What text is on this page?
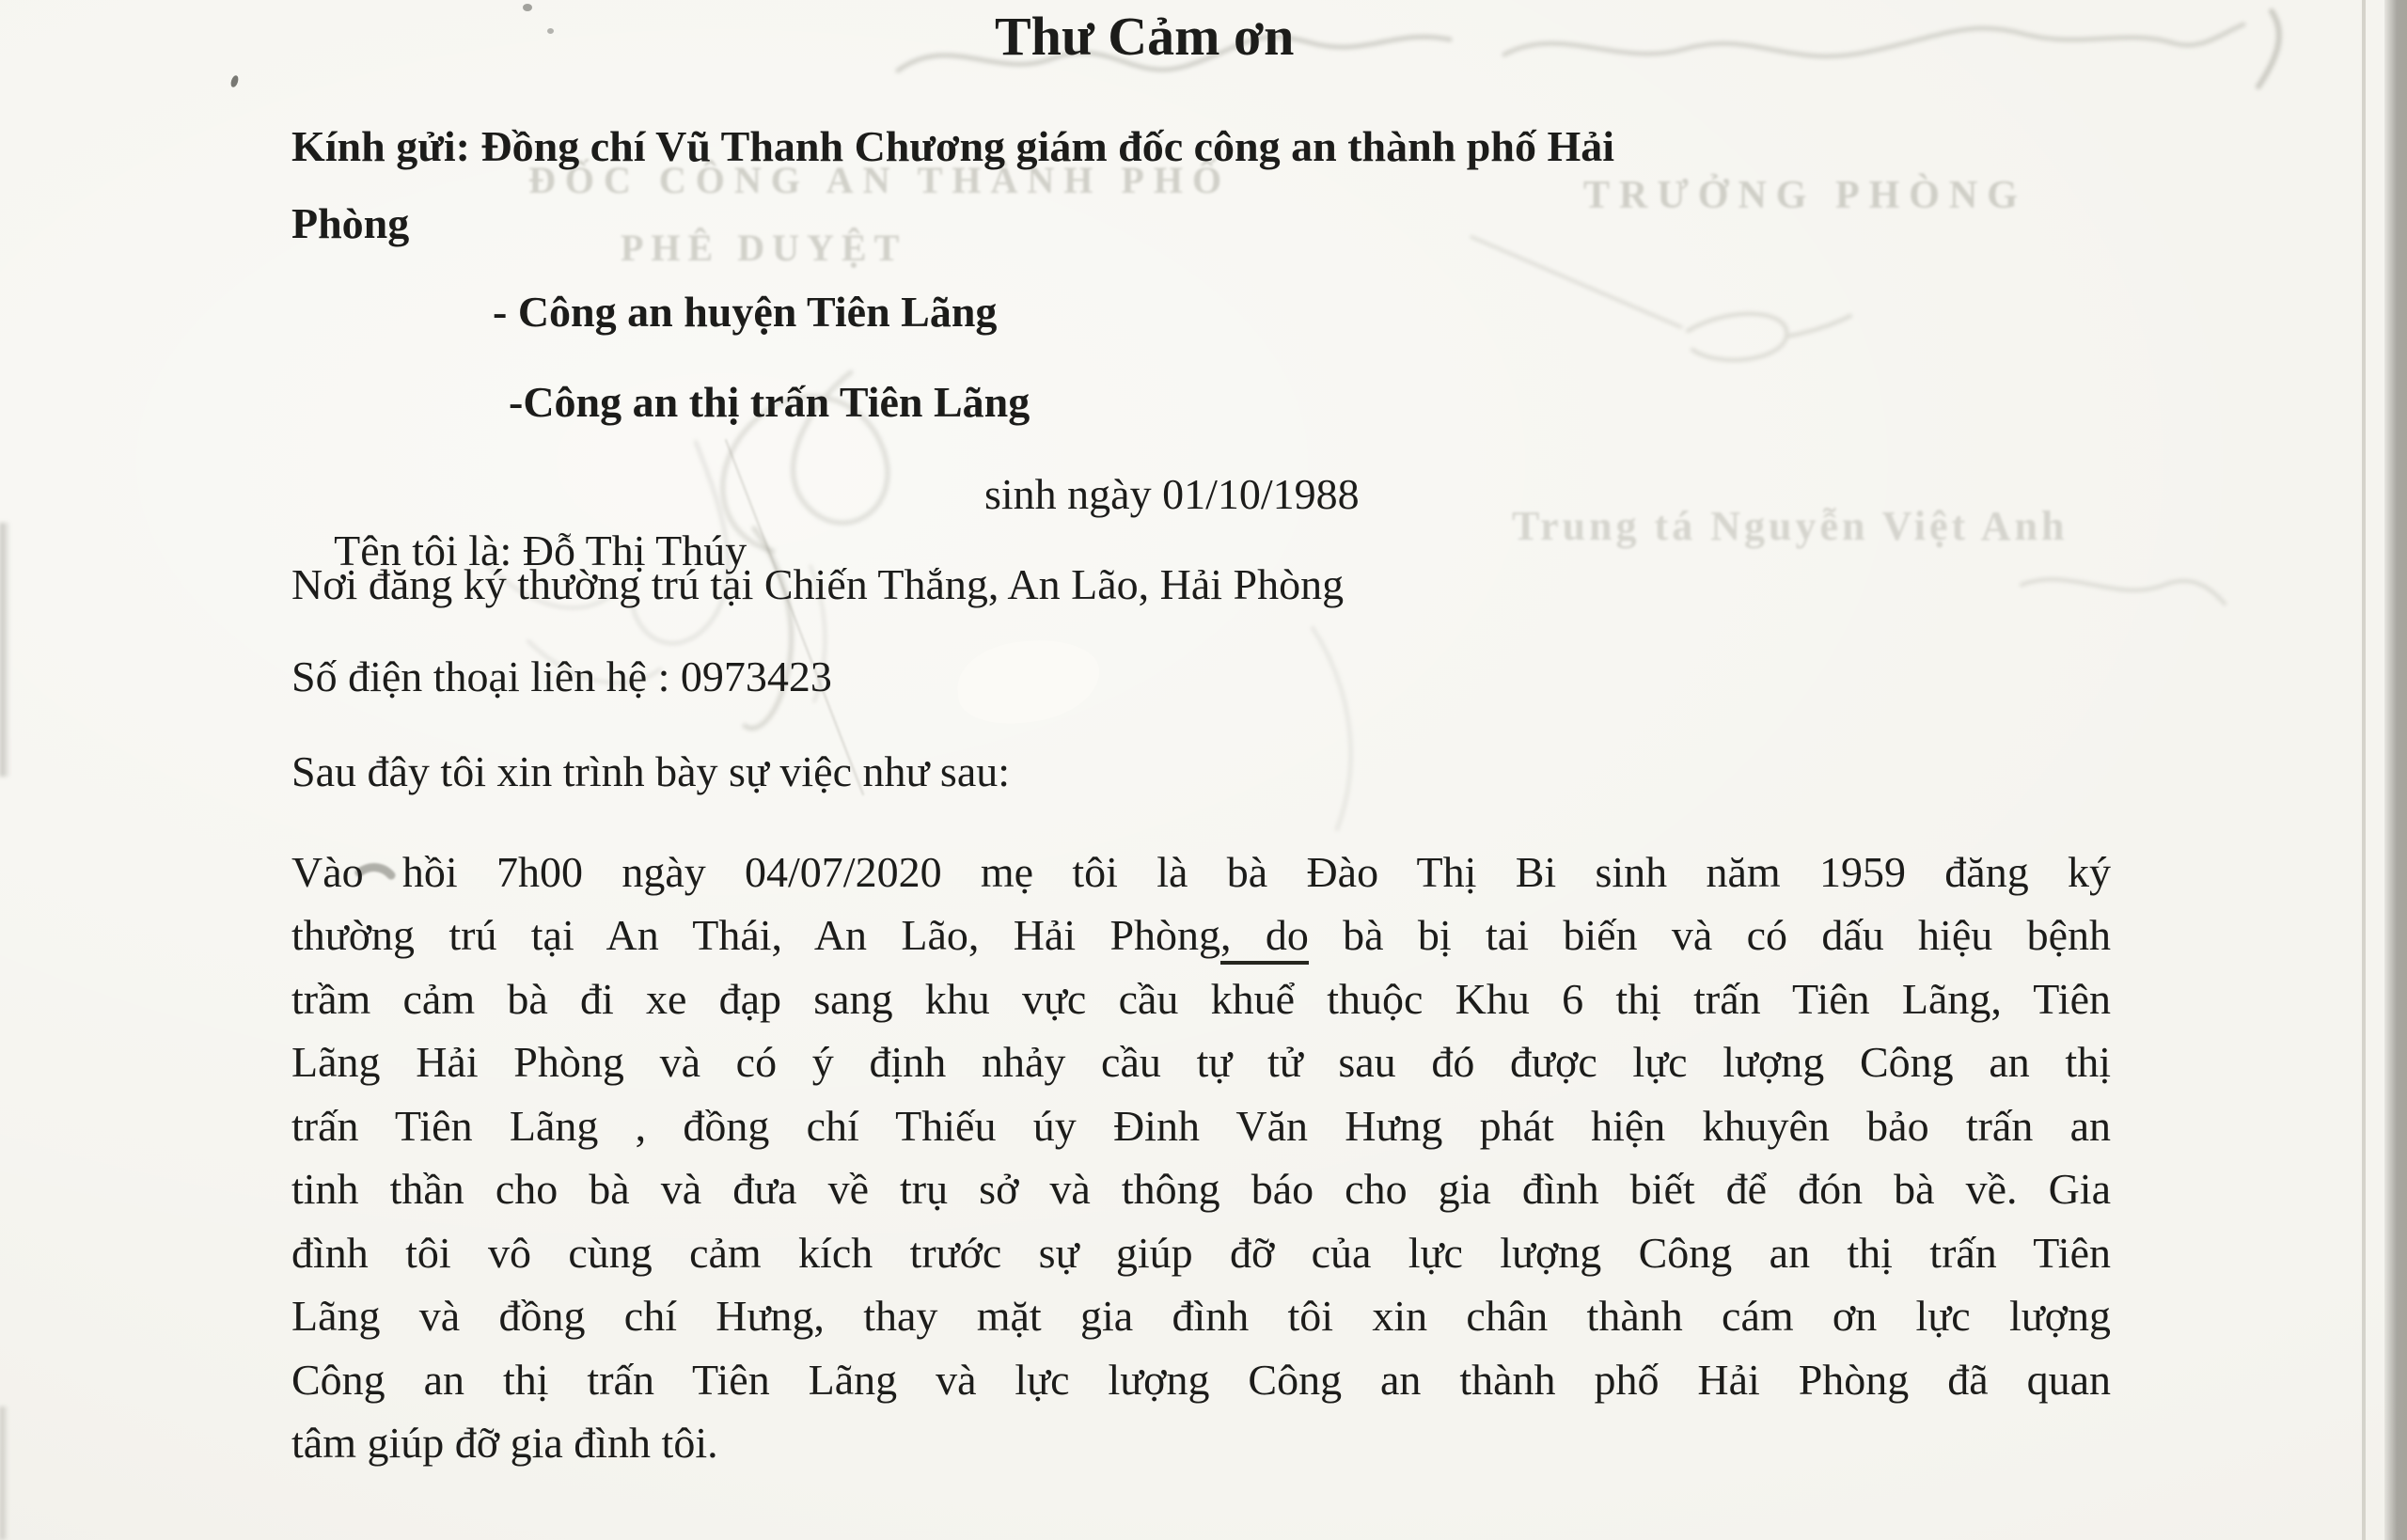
ĐỐC CÔNG AN THÀNH PHỐ
PHÊ DUYỆT
TRƯỞNG PHÒNG
Trung tá Nguyễn Việt Anh
Thư Cảm ơn
Kính gửi: Đồng chí Vũ Thanh Chương giám đốc công an thành phố Hải
Phòng
- Công an huyện Tiên Lãng
-Công an thị trấn Tiên Lãng

Tên tôi là: Đỗ Thị Thúy

sinh ngày 01/10/1988

Nơi đăng ký thường trú tại Chiến Thắng, An Lão, Hải Phòng
Số điện thoại liên hệ : 0973423
Sau đây tôi xin trình bày sự việc như sau:
Vào hồi 7h00 ngày 04/07/2020 mẹ tôi là bà Đào Thị Bi sinh năm 1959 đăng ký
thường trú tại An Thái, An Lão, Hải Phòng, do bà bị tai biến và có dấu hiệu bệnh
trầm cảm bà đi xe đạp sang khu vực cầu khuể thuộc Khu 6 thị trấn Tiên Lãng, Tiên
Lãng Hải Phòng và có ý định nhảy cầu tự tử sau đó được lực lượng Công an thị
trấn Tiên Lãng , đồng chí Thiếu úy Đinh Văn Hưng phát hiện khuyên bảo trấn an
tinh thần cho bà và đưa về trụ sở và thông báo cho gia đình biết để đón bà về. Gia
đình tôi vô cùng cảm kích trước sự giúp đỡ của lực lượng Công an thị trấn Tiên
Lãng và đồng chí Hưng, thay mặt gia đình tôi xin chân thành cám ơn lực lượng
Công an thị trấn Tiên Lãng và lực lượng Công an thành phố Hải Phòng đã quan
tâm giúp đỡ gia đình tôi.
